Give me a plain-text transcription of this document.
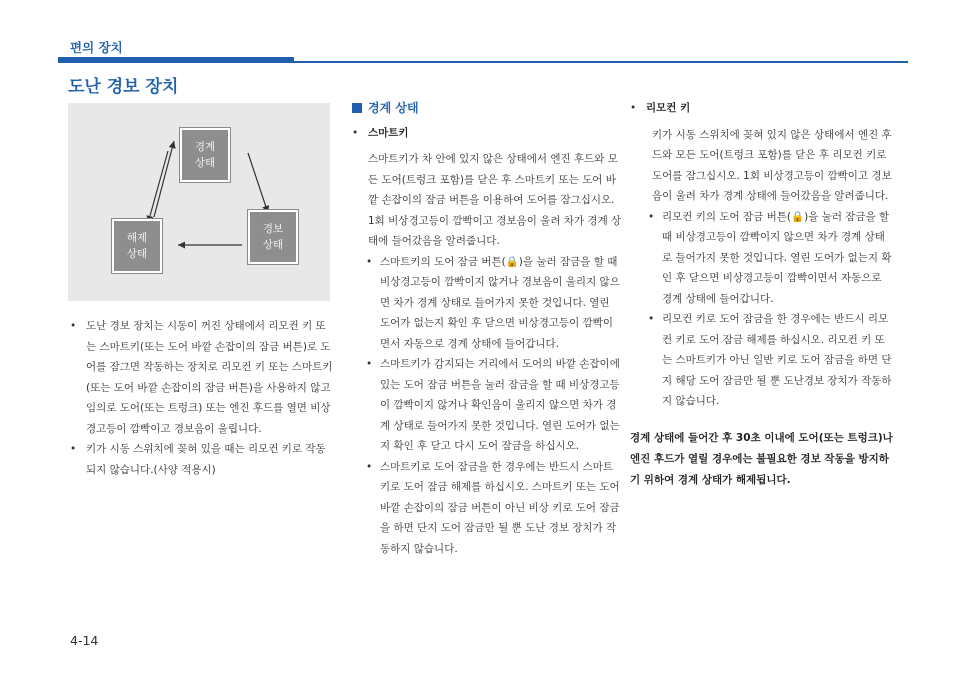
편의 장치
도난 경보 장치
경계
상태
해제
상태
경보
상태
• 도난 경보 장치는 시동이 꺼진 상태에서 리모컨 키 또는 스마트키(또는 도어 바깥 손잡이의 잠금 버튼)로 도어를 잠그면 작동하는 장치로 리모컨 키 또는 스마트키(또는 도어 바깥 손잡이의 잠금 버튼)을 사용하지 않고 임의로 도어(또는 트렁크) 또는 엔진 후드를 열면 비상경고등이 깜빡이고 경보음이 울립니다.
• 키가 시동 스위치에 꽂혀 있을 때는 리모컨 키로 작동되지 않습니다.(사양 적용시)
경계 상태
• 스마트키
스마트키가 차 안에 있지 않은 상태에서 엔진 후드와 모든 도어(트렁크 포함)를 닫은 후 스마트키 또는 도어 바깥 손잡이의 잠금 버튼을 이용하여 도어를 잠그십시오.
1회 비상경고등이 깜빡이고 경보음이 울려 차가 경계 상태에 들어갔음을 알려줍니다.
• 스마트키의 도어 잠금 버튼(🔒)을 눌러 잠금을 할 때 비상경고등이 깜빡이지 않거나 경보음이 울리지 않으면 차가 경계 상태로 들어가지 못한 것입니다. 열린 도어가 없는지 확인 후 닫으면 비상경고등이 깜빡이면서 자동으로 경계 상태에 들어갑니다.
• 스마트키가 감지되는 거리에서 도어의 바깥 손잡이에 있는 도어 잠금 버튼을 눌러 잠금을 할 때 비상경고등이 깜빡이지 않거나 확인음이 울리지 않으면 차가 경계 상태로 들어가지 못한 것입니다. 열린 도어가 없는지 확인 후 닫고 다시 도어 잠금을 하십시오.
• 스마트키로 도어 잠금을 한 경우에는 반드시 스마트키로 도어 잠금 해제를 하십시오. 스마트키 또는 도어 바깥 손잡이의 잠금 버튼이 아닌 비상 키로 도어 잠금을 하면 단지 도어 잠금만 될 뿐 도난 경보 장치가 작동하지 않습니다.
• 리모컨 키
키가 시동 스위치에 꽂혀 있지 않은 상태에서 엔진 후드와 모든 도어(트렁크 포함)를 닫은 후 리모컨 키로 도어를 잠그십시오. 1회 비상경고등이 깜빡이고 경보음이 울려 차가 경계 상태에 들어갔음을 알려줍니다.
• 리모컨 키의 도어 잠금 버튼(🔒)을 눌러 잠금을 할 때 비상경고등이 깜빡이지 않으면 차가 경계 상태로 들어가지 못한 것입니다. 열린 도어가 없는지 확인 후 닫으면 비상경고등이 깜빡이면서 자동으로 경계 상태에 들어갑니다.
• 리모컨 키로 도어 잠금을 한 경우에는 반드시 리모컨 키로 도어 잠금 해제를 하십시오. 리모컨 키 또는 스마트키가 아닌 일반 키로 도어 잠금을 하면 단지 해당 도어 잠금만 될 뿐 도난경보 장치가 작동하지 않습니다.
경계 상태에 들어간 후 30초 이내에 도어(또는 트렁크)나 엔진 후드가 열릴 경우에는 불필요한 경보 작동을 방지하기 위하여 경계 상태가 해제됩니다.
4-14
